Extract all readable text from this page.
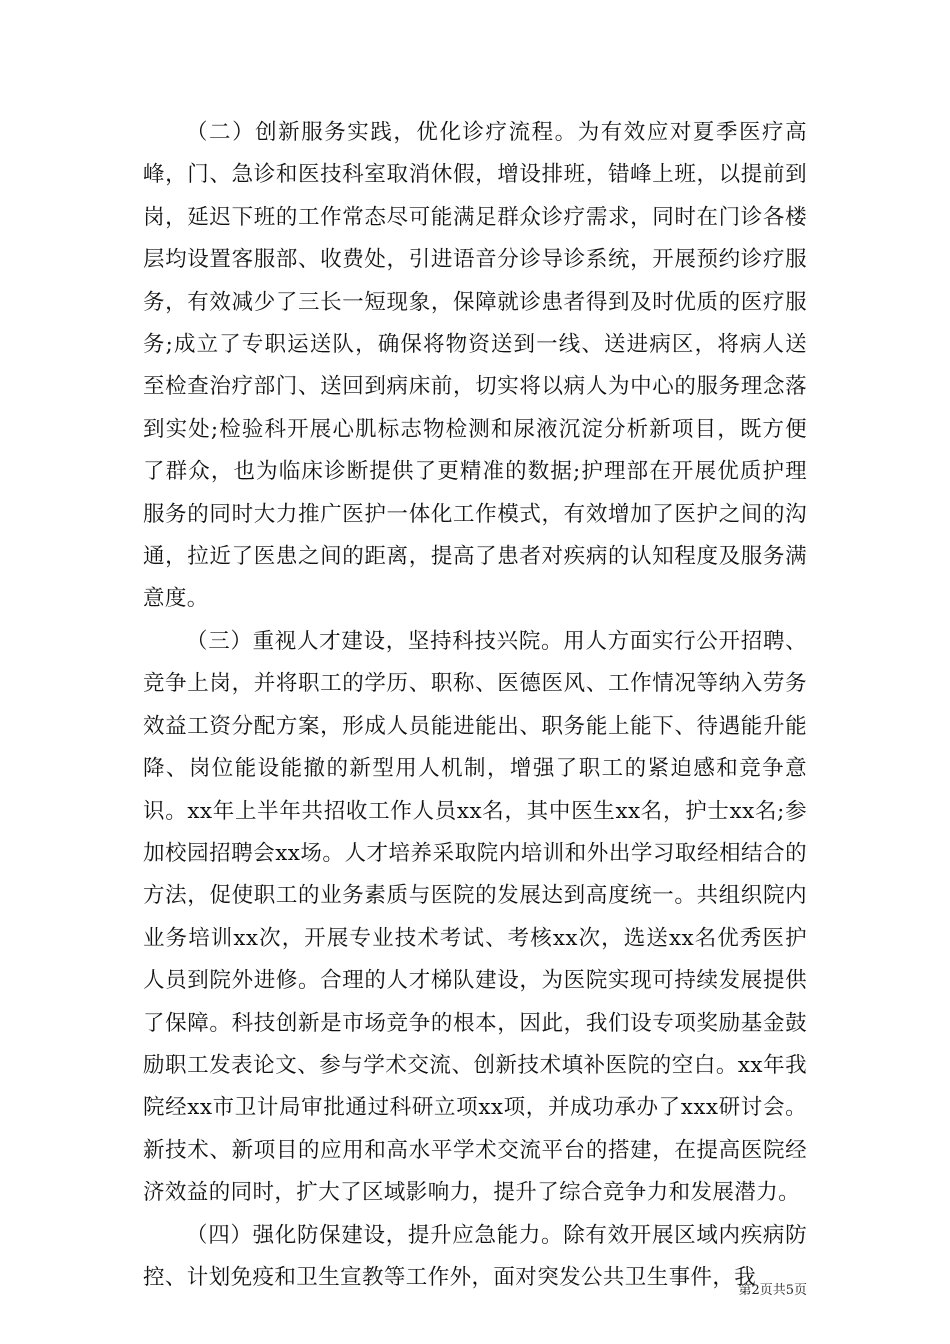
（二）创新服务实践，优化诊疗流程。为有效应对夏季医疗高峰，门、急诊和医技科室取消休假，增设排班，错峰上班，以提前到岗，延迟下班的工作常态尽可能满足群众诊疗需求，同时在门诊各楼层均设置客服部、收费处，引进语音分诊导诊系统，开展预约诊疗服务，有效减少了三长一短现象，保障就诊患者得到及时优质的医疗服务;成立了专职运送队，确保将物资送到一线、送进病区，将病人送至检查治疗部门、送回到病床前，切实将以病人为中心的服务理念落到实处;检验科开展心肌标志物检测和尿液沉淀分析新项目，既方便了群众，也为临床诊断提供了更精准的数据;护理部在开展优质护理服务的同时大力推广医护一体化工作模式，有效增加了医护之间的沟通，拉近了医患之间的距离，提高了患者对疾病的认知程度及服务满意度。

（三）重视人才建设，坚持科技兴院。用人方面实行公开招聘、竞争上岗，并将职工的学历、职称、医德医风、工作情况等纳入劳务效益工资分配方案，形成人员能进能出、职务能上能下、待遇能升能降、岗位能设能撤的新型用人机制，增强了职工的紧迫感和竞争意识。xx年上半年共招收工作人员xx名，其中医生xx名，护士xx名;参加校园招聘会xx场。人才培养采取院内培训和外出学习取经相结合的方法，促使职工的业务素质与医院的发展达到高度统一。共组织院内业务培训xx次，开展专业技术考试、考核xx次，选送xx名优秀医护人员到院外进修。合理的人才梯队建设，为医院实现可持续发展提供了保障。科技创新是市场竞争的根本，因此，我们设专项奖励基金鼓励职工发表论文、参与学术交流、创新技术填补医院的空白。xx年我院经xx市卫计局审批通过科研立项xx项，并成功承办了xxx研讨会。新技术、新项目的应用和高水平学术交流平台的搭建，在提高医院经济效益的同时，扩大了区域影响力，提升了综合竞争力和发展潜力。

（四）强化防保建设，提升应急能力。除有效开展区域内疾病防控、计划免疫和卫生宣教等工作外，面对突发公共卫生事件，我

第2页共5页
